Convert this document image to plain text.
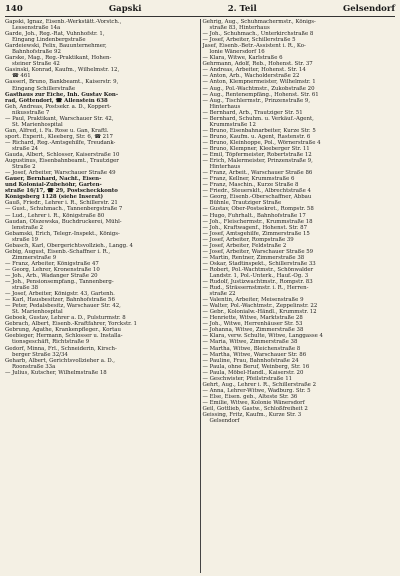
140	Gapski	2. Teil	Gelsendorf
Gapski, Ignaz, Eisenb.-Werkstätt.-Vorstch.,
Lessenstraße 14a
Garde, Joh., Reg.-Rat, Vuhnhofstr. 1,
Eingang Lindenbergstraße
Gardeiewski, Felix, Bauunternehmer,
Bahnhofstraße 92
Garske, Mag., Reg.-Praktikant, Hohen-
steiner Straße 42
Gasinski, Konrad, Kaufm., Wilhelmstr. 12,
☎ 461
Gasserl, Bruno, Bankbeamt., Kaiserstr. 9,
Eingang Schillerstraße
Gasthaus zur Eiche, Inh. Gustav Kon-
rad, Göttendorf, ☎ Allenstein 638
Geh, Andreas, Postsekr. a. D., Koppert-
nikusstraße 7
— Paul, Praktikant, Warschauer Str. 42,
St. Marienhospital
Gan, Alfred, i. Fa. Rose u. Gan, Kraftl.
sport. Experit., Kleeberg, Str. 6, ☎ 217
— Richard, Reg.-Amtsgehilfe, Treudank-
straße 24
Gauda, Albert, Schlosser, Kaiserstraße 10
Augustinus, Eisenbahnbeamt., Trautziger
Straße 2
— Josef, Arbeiter, Warschauer Straße 49
Gauer, Bernhard, Nachf., Eisen-
und Kolonial-Zubehöhr, Garten-
straße 16/17, ☎ 29, Postscheckkonto
Königsberg 1128 (siehe Inserat)
Gauß, Friedr., Lehrer i. R., Schillerstr. 21
— Gust., Schuhmach., Tannenbergstraße 7
— Lud., Lehrer i. R., Königstraße 80
Gaudan, Olszewska, Buchdruckerei, Mühl-
lenstraße 2
Gebamski, Erich, Telegr.-Inspekt., Königs-
straße 19
Gebasch, Karl, Obergerichtsvollzieh., Langg. 4
Gebig, August, Eisenb.-Schaffner i. R.,
Zimmerstraße 9
— Franz, Arbeiter, Königstraße 47
— Georg, Lehrer, Kronenstraße 10
— Joh., Arb., Wadanger Straße 20
— Joh., Pensionsempfang., Tannenberg-
straße 38
— Josef, Arbeiter, Königstr. 43, Gartenh.
— Karl, Hausbesitzer, Bahnhofstraße 56
— Peter, Pedalsbesitz, Warschauer Str. 42,
St. Marienhospital
Geboek, Gustav, Lehrer a. D., Pulsturmstr. 8
Gebrach, Albert, Eisenb.-Kraftfahrer, Yorckstr. 1
Gebrung, Agathe, Krankenpfleger., Kortau
Geebieger, Hermann, Schlosser u. Installa-
tionsgeschäft, Richtstraße 9
Gedorf, Minna, Frl., Schneiderin, Kirsch-
berger Straße 32/34
Geharb, Albert, Gerichtsvollzieher a. D.,
Roonstraße 33a
— Julius, Kutscher, Wilhelmstraße 18
Gehrig, Aug., Schuhmachermstr., Königs-
straße 83, Hinterhaus
— Joh., Schuhmach., Unterkirchstraße 8
— Josef, Arbeiter, Schillerstraße 5
Jasef, Eisenb.-Betr.-Assistent i. R., Ko-
lonie Wänersdorf 16
— Klara, Witwe, Karlstraße 6
Gehrmann, Adolf, Reb., Hohenst. Str. 37
— Andreas, Arbeiter, Hohenst. Str. 14
— Anton, Arb., Wacholderstraße 22
— Anton, Klempnermeister, Wilhelmstr. 1
— Aug., Pol.-Wachtmstr., Zukobstraße 20
— Aug., Rentenempfäng., Hohenst. Str. 61
— Aug., Tischlermstr., Prinzenstraße 9,
Hinterhaus
— Bernhard, Arb., Trautziger Str. 51
— Bernhard, Schuhm. u. Verkäuf.-Agent,
Krummstraße 12
— Bruno, Eisenbahnarbeiter, Kurze Str. 5
— Bruno, Kaufm. u. Agent, Rastenstr. 6
— Bruno, Kleinhoppe, Pol., Wörnerstraße 4
— Bruno, Klempner, Kleeberger Str. 11
— Emil, Töpfermeister, Robertstraße 12
— Erich, Malermeister, Prinzenstraße 9,
Hinterhaus
— Franz, Arbeit., Warschauer Straße 86
— Franz, Kellner, Krummstraße 6
— Franz, Maschin., Kurze Straße 8
— Friedr., Steuersklt., Albrechtstraße 4
— Georg, Eisenb.-Oberschaffner, Abbau
Bühnle, Trautziger Straße
— Gustav, Ober-Postsekret., Rompstr. 58
— Hugo, Fuhrhalt., Bahnhofstraße 17
— Joh., Fleischermstr., Krummstraße 18
— Joh., Kraftwagenf., Hohenst. Str. 87
— Josef, Amtsgehilfe, Zimmerstraße 15
— Josef, Arbeiter, Rompstraße 39
— Josef, Arbeiter, Feldstraße 2
— Josef, Arbeiter, Warschauer Straße 59
— Martin, Rentner, Zimmerstraße 38
— Oskar, Stadtinspekt., Schillerstraße 33
— Robert, Pol.-Wachtmstr., Schönwalder
Landstr. 1, Pol.-Unterk., Hauf.-Og. 3
— Rudolf, Justizwachtmstr., Rompstr. 83
— Rud., Strässernstmstr. i. R., Herren-
straße 22
— Valentin, Arbeiter, Meisenstraße 9
— Walter, Pol.-Wachtmstr., Zeppelinstr. 22
— Gebr., Kolonialw.-Händl., Krummstr. 12
— Henriette, Witwe, Marktstraße 28
— Joh., Witwe, Herrenhäuser Str. 53
— Johanna, Witwe, Zimmerstraße 38
— Klara, verw. Schulte, Witwe, Langgasse 4
— Maria, Witwe, Zimmerstraße 38
— Martha, Witwe, Bleichenstraße 8
— Martha, Witwe, Warschauer Str. 86
— Pauline, Frau, Bahnhofstraße 24
— Paula, ohne Beruf, Weinberg, Str. 16
— Paula, Möbel-Handl., Kaiserstr. 20
— Geschwister, Pfeilstrstraße 11
Gehrt, Aug., Lehrer i. R., Schillerstraße 2
— Anna, Lehrer-Witwe, Wadburg. Str. 5
— Else, Eisen. geb., Alteste Str. 36
— Emilie, Witwe, Kolonie Wänersdorf
Geil, Gottlieb, Gastw., Schloßfreiheit 2
Geissing, Fritz, Kaufm., Kurze Str. 3
Gelsendorf
